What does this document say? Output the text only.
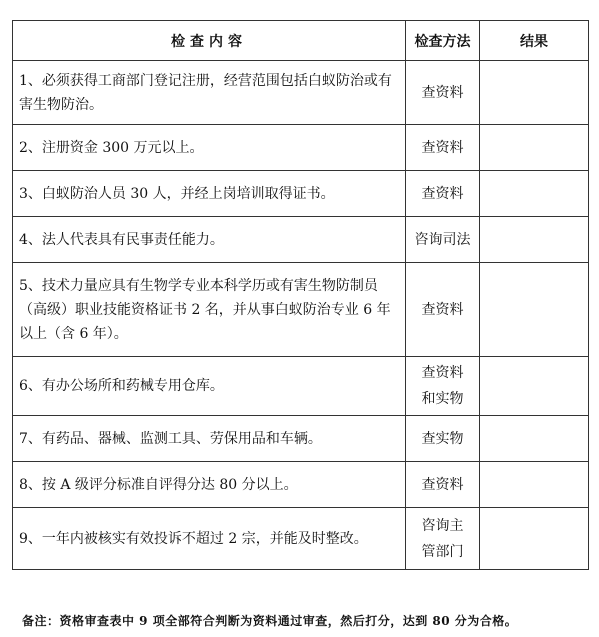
检查内容	检查方法	结果
1、必须获得工商部门登记注册，经营范围包括白蚁防治或有害生物防治。	查资料	
2、注册资金 300 万元以上。	查资料	
3、白蚁防治人员 30 人，并经上岗培训取得证书。	查资料	
4、法人代表具有民事责任能力。	咨询司法	
5、技术力量应具有生物学专业本科学历或有害生物防制员（高级）职业技能资格证书 2 名，并从事白蚁防治专业 6 年以上（含 6 年）。	查资料	
6、有办公场所和药械专用仓库。	查资料和实物	
7、有药品、器械、监测工具、劳保用品和车辆。	查实物	
8、按 A 级评分标准自评得分达 80 分以上。	查资料	
9、一年内被核实有效投诉不超过 2 宗，并能及时整改。	咨询主管部门	
备注：资格审查表中 9 项全部符合判断为资料通过审查，然后打分，达到 80 分为合格。
